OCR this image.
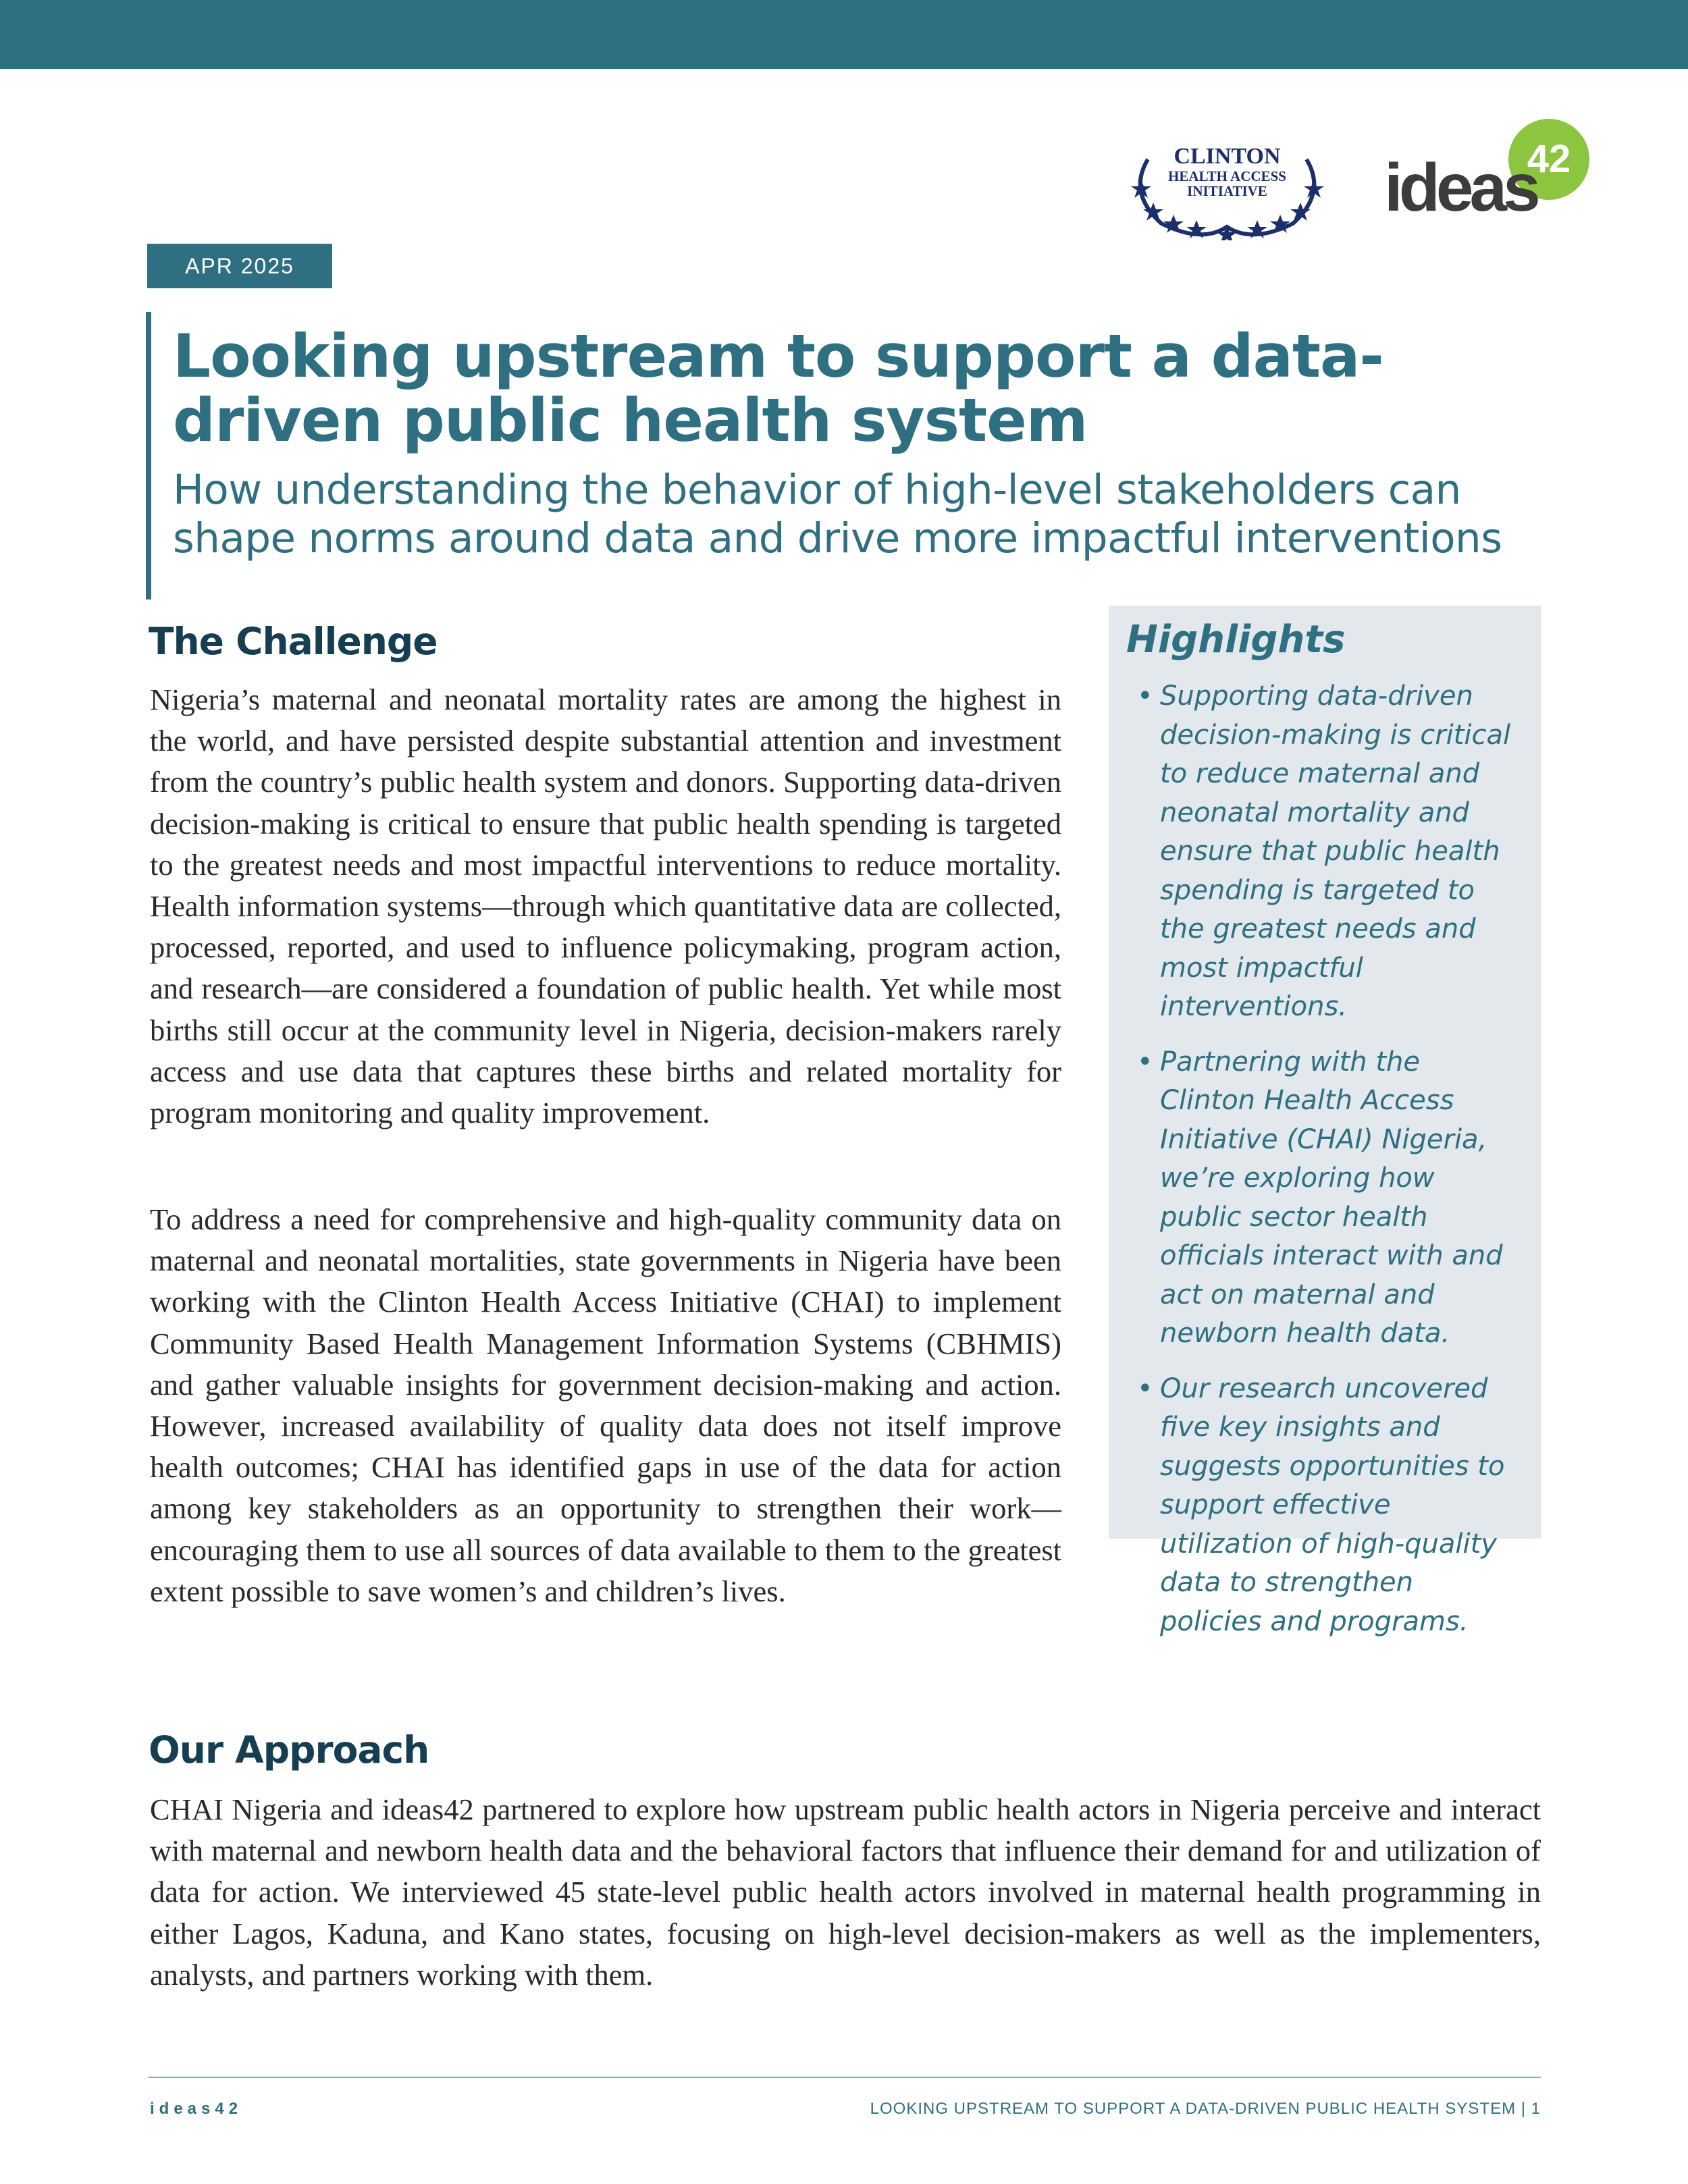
CLINTON
HEALTH ACCESS
INITIATIVE
42
ideas
APR 2025
Looking upstream to support a data-driven public health system

How understanding the behavior of high-level stakeholders can shape norms around data and drive more impactful interventions

The Challenge

Nigeria’s maternal and neonatal mortality rates are among the highest in the world, and have persisted despite substantial attention and investment from the country’s public health system and donors. Supporting data-driven decision-making is critical to ensure that public health spending is targeted to the greatest needs and most impactful interventions to reduce mortality. Health information systems—through which quantitative data are collected, processed, reported, and used to influence policymaking, program action, and research—are considered a foundation of public health. Yet while most births still occur at the community level in Nigeria, decision-makers rarely access and use data that captures these births and related mortality for program monitoring and quality improvement.

To address a need for comprehensive and high-quality community data on maternal and neonatal mortalities, state governments in Nigeria have been working with the Clinton Health Access Initiative (CHAI) to implement Community Based Health Management Information Systems (CBHMIS) and gather valuable insights for government decision-making and action. However, increased availability of quality data does not itself improve health outcomes; CHAI has identified gaps in use of the data for action among key stakeholders as an opportunity to strengthen their work—encouraging them to use all sources of data available to them to the greatest extent possible to save women’s and children’s lives.

Highlights
• Supporting data-driven decision-making is critical to reduce maternal and neonatal mortality and ensure that public health spending is targeted to the greatest needs and most impactful interventions.
• Partnering with the Clinton Health Access Initiative (CHAI) Nigeria, we’re exploring how public sector health officials interact with and act on maternal and newborn health data.
• Our research uncovered five key insights and suggests opportunities to support effective utilization of high-quality data to strengthen policies and programs.
Our Approach

CHAI Nigeria and ideas42 partnered to explore how upstream public health actors in Nigeria perceive and interact with maternal and newborn health data and the behavioral factors that influence their demand for and utilization of data for action. We interviewed 45 state-level public health actors involved in maternal health programming in either Lagos, Kaduna, and Kano states, focusing on high-level decision-makers as well as the implementers, analysts, and partners working with them.

ideas42	LOOKING UPSTREAM TO SUPPORT A DATA-DRIVEN PUBLIC HEALTH SYSTEM | 1
